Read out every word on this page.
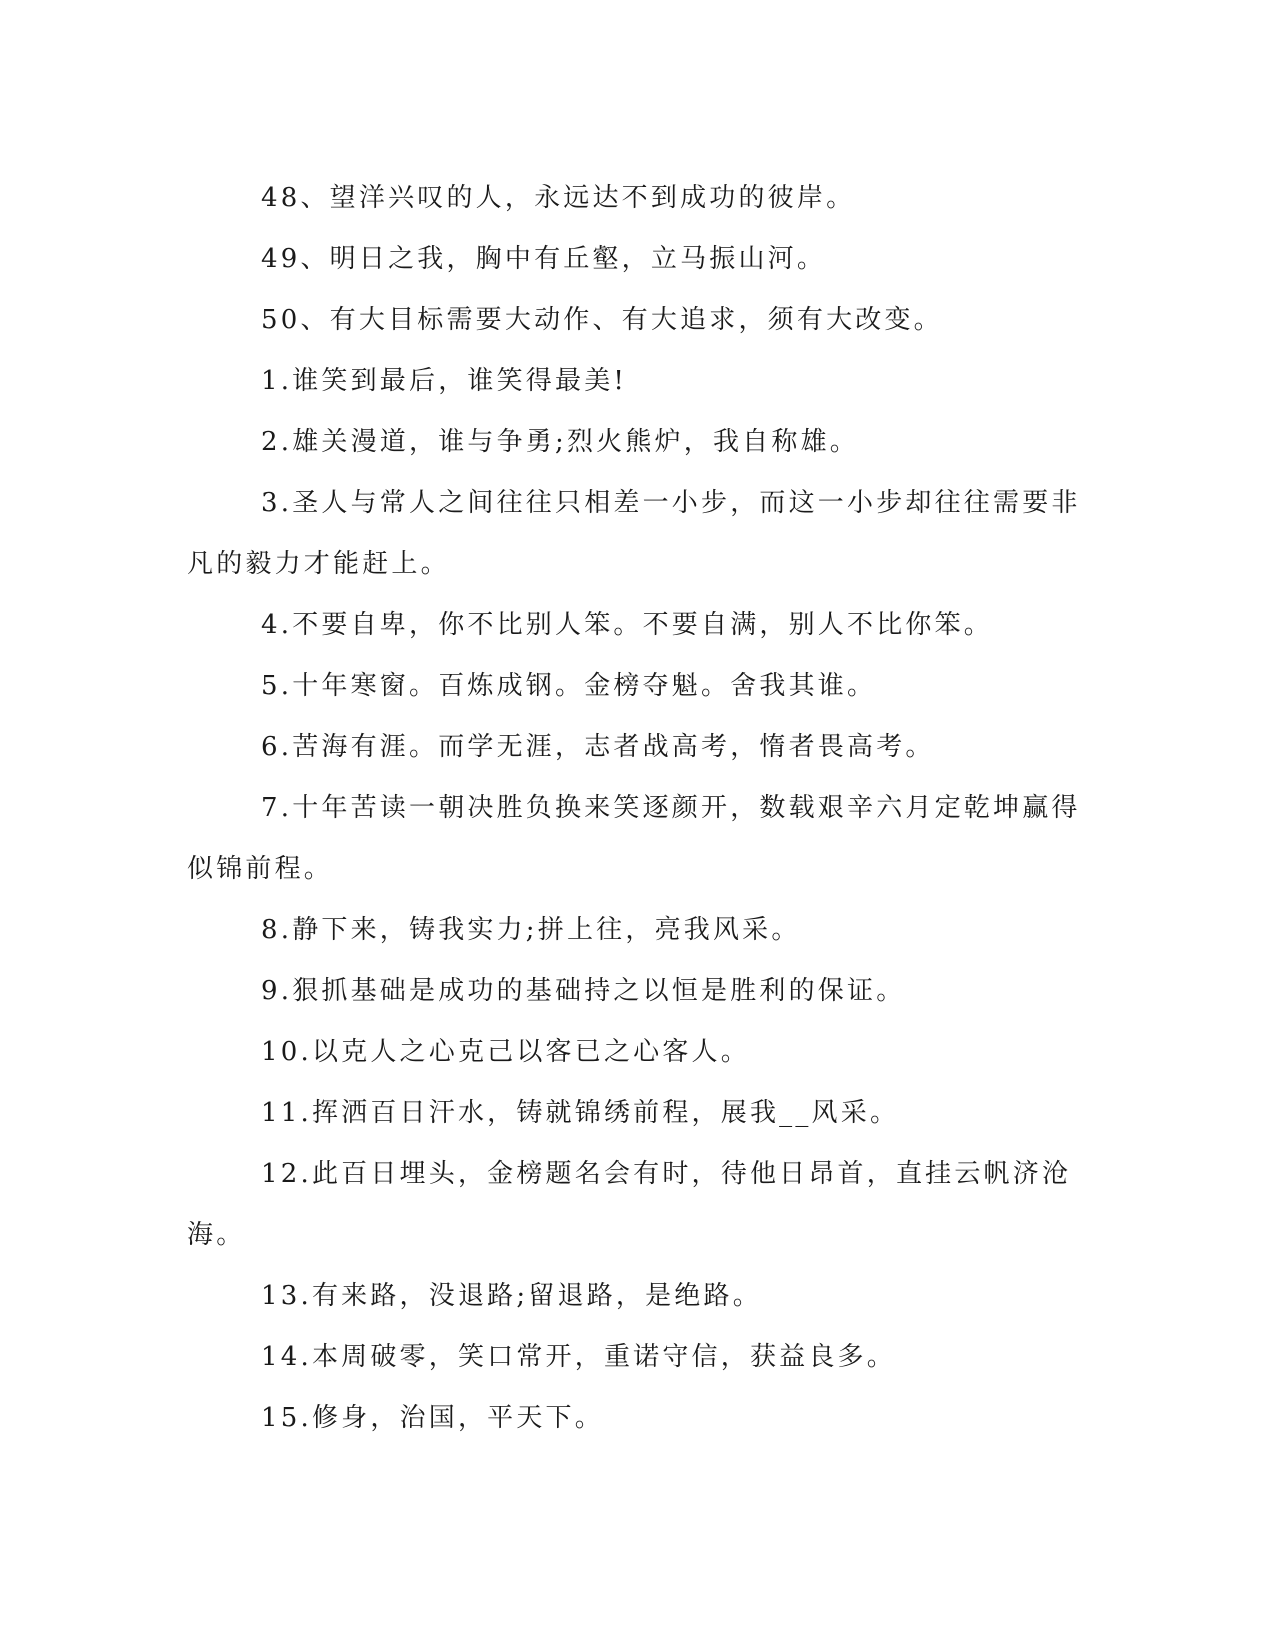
48、望洋兴叹的人，永远达不到成功的彼岸。

49、明日之我，胸中有丘壑，立马振山河。

50、有大目标需要大动作、有大追求，须有大改变。

1.谁笑到最后，谁笑得最美!

2.雄关漫道，谁与争勇;烈火熊炉，我自称雄。

3.圣人与常人之间往往只相差一小步，而这一小步却往往需要非凡的毅力才能赶上。

4.不要自卑，你不比别人笨。不要自满，别人不比你笨。

5.十年寒窗。百炼成钢。金榜夺魁。舍我其谁。

6.苦海有涯。而学无涯，志者战高考，惰者畏高考。

7.十年苦读一朝决胜负换来笑逐颜开，数载艰辛六月定乾坤赢得似锦前程。

8.静下来，铸我实力;拼上往，亮我风采。

9.狠抓基础是成功的基础持之以恒是胜利的保证。

10.以克人之心克己以客已之心客人。

11.挥洒百日汗水，铸就锦绣前程，展我__风采。

12.此百日埋头，金榜题名会有时，待他日昂首，直挂云帆济沧海。

13.有来路，没退路;留退路，是绝路。

14.本周破零，笑口常开，重诺守信，获益良多。

15.修身，治国，平天下。
